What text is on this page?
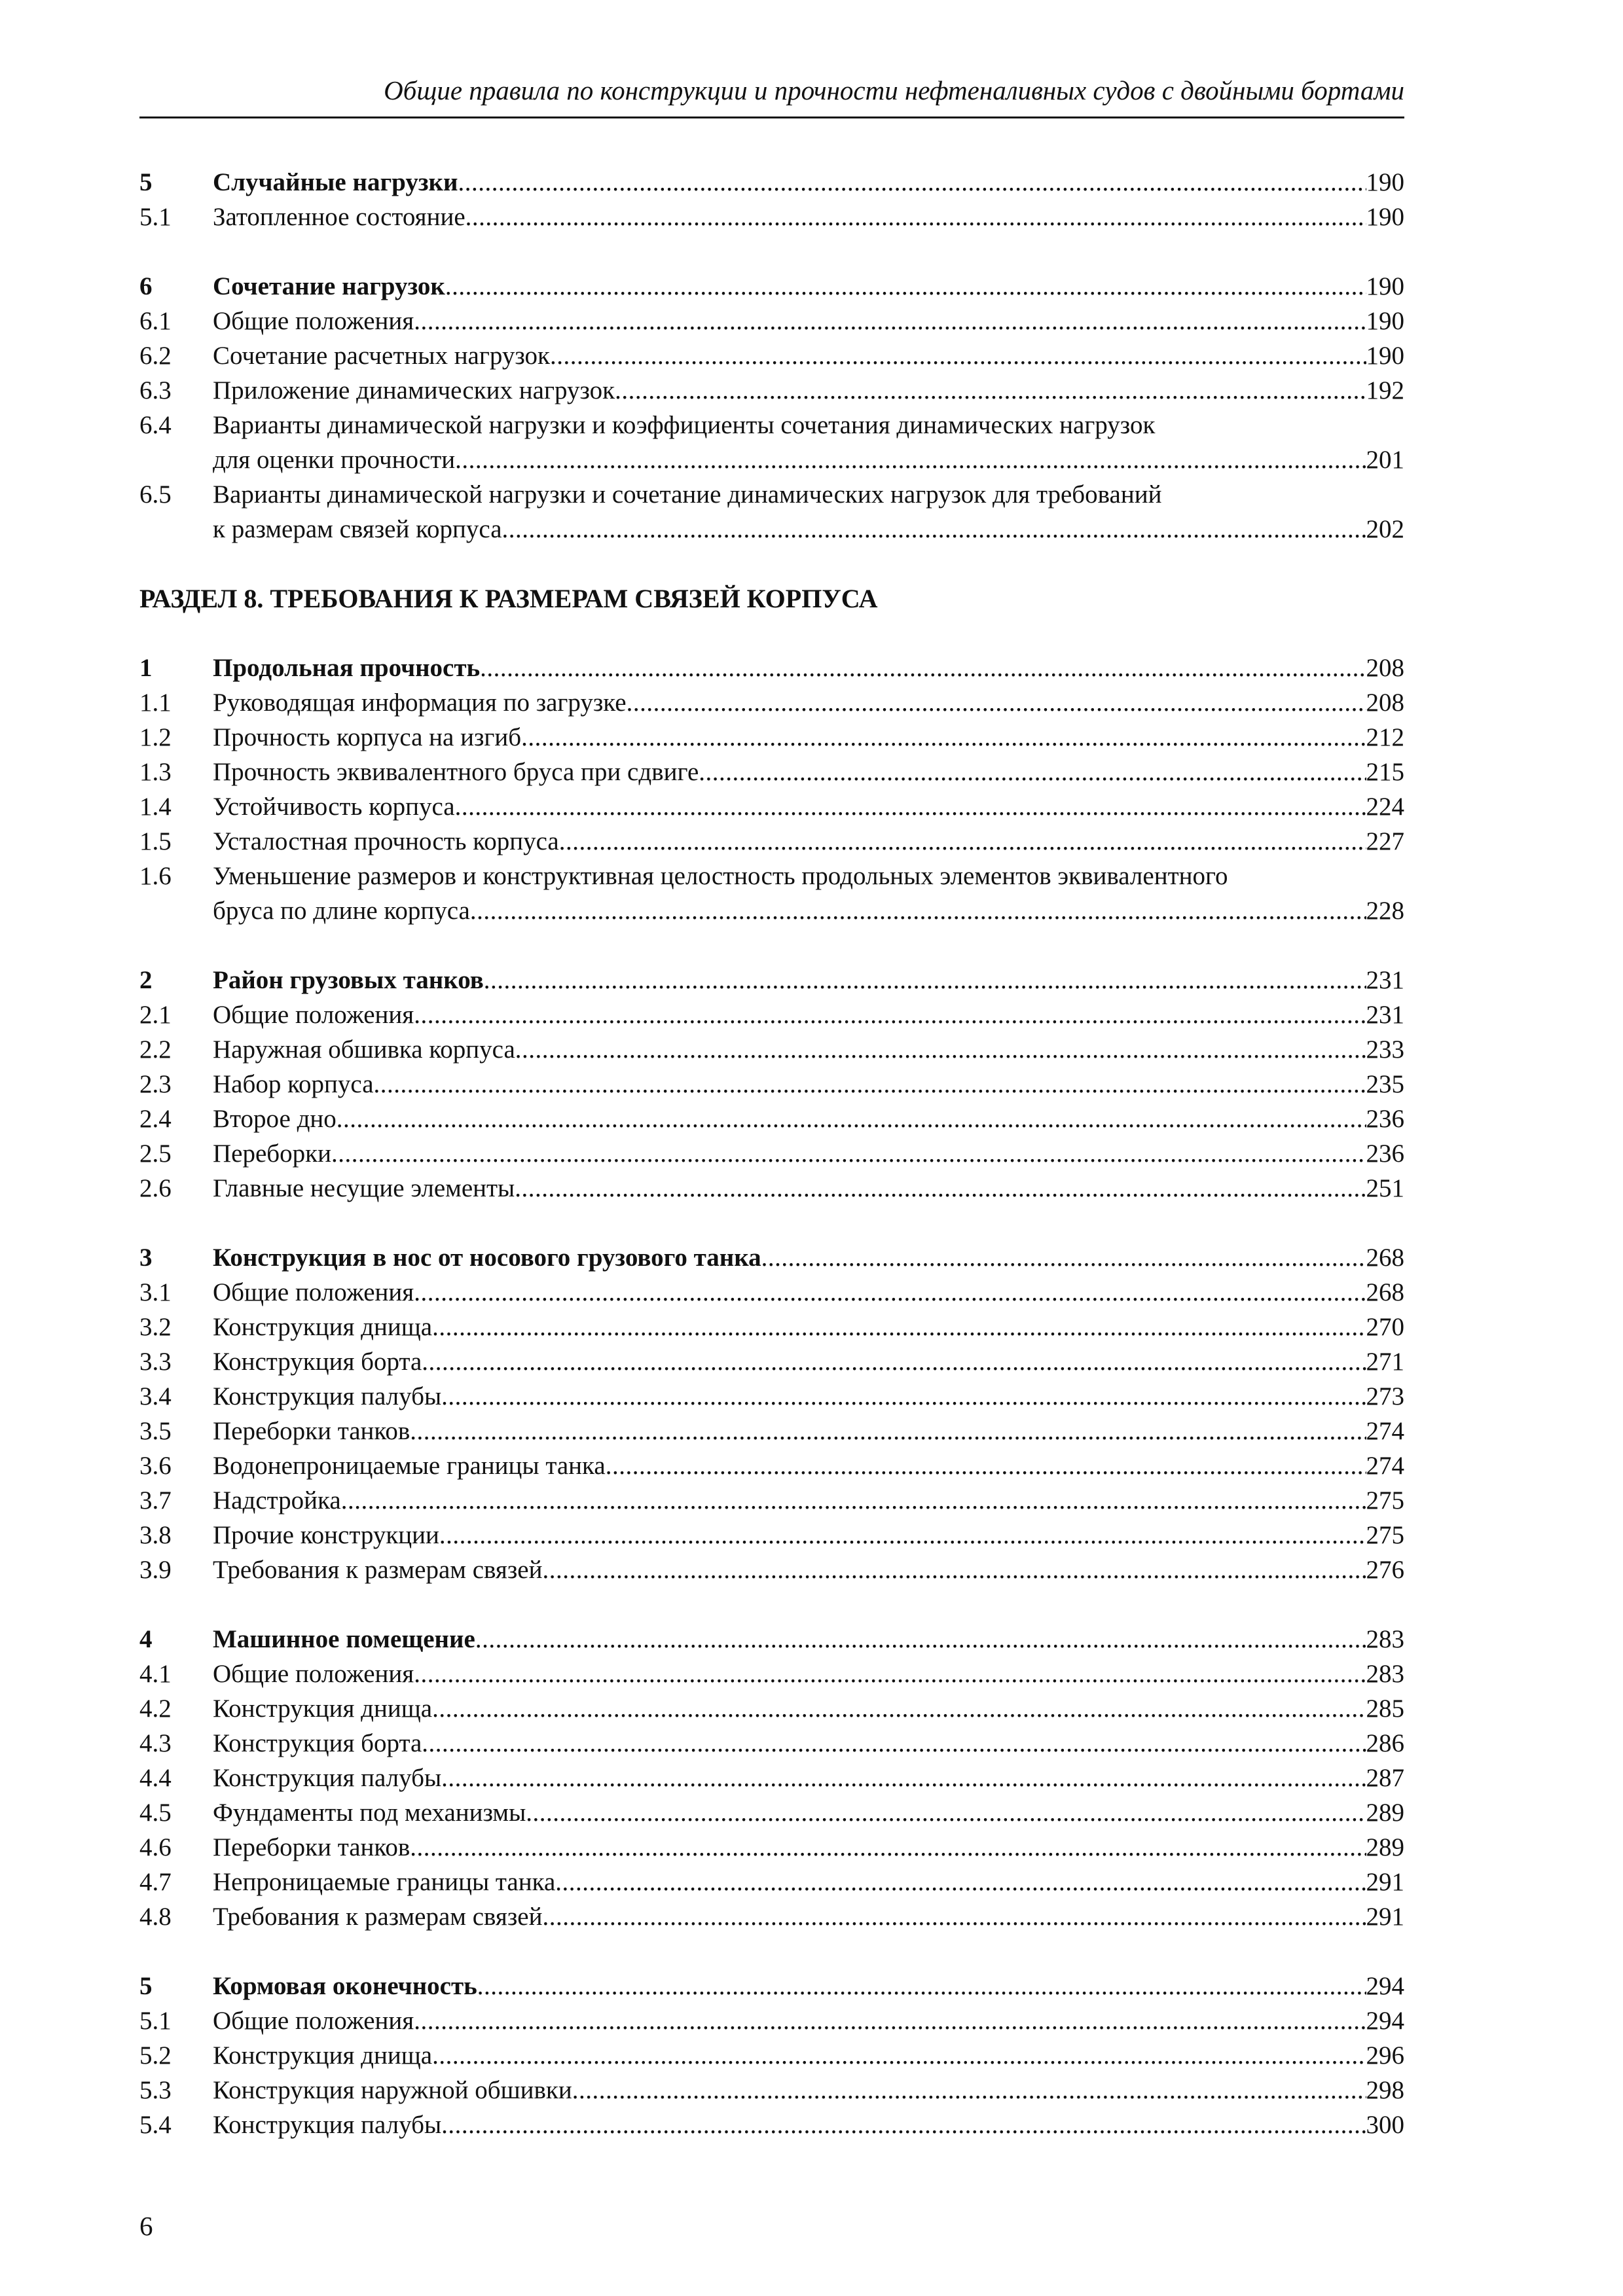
Общие правила по конструкции и прочности нефтеналивных судов с двойными бортами
5	Случайные нагрузки .....	190
5.1	Затопленное состояние .....	190
6	Сочетание нагрузок .....	190
6.1	Общие положения .....	190
6.2	Сочетание расчетных нагрузок .....	190
6.3	Приложение динамических нагрузок .....	192
6.4	Варианты динамической нагрузки и коэффициенты сочетания динамических нагрузок
для оценки прочности .....	201
6.5	Варианты динамической нагрузки и сочетание динамических нагрузок для требований
к размерам связей корпуса .....	202
РАЗДЕЛ 8. ТРЕБОВАНИЯ К РАЗМЕРАМ СВЯЗЕЙ КОРПУСА
1	Продольная прочность .....	208
1.1	Руководящая информация по загрузке .....	208
1.2	Прочность корпуса на изгиб .....	212
1.3	Прочность эквивалентного бруса при сдвиге .....	215
1.4	Устойчивость корпуса .....	224
1.5	Усталостная прочность корпуса .....	227
1.6	Уменьшение размеров и конструктивная целостность продольных элементов эквивалентного
бруса по длине корпуса .....	228
2	Район грузовых танков .....	231
2.1	Общие положения .....	231
2.2	Наружная обшивка корпуса .....	233
2.3	Набор корпуса .....	235
2.4	Второе дно .....	236
2.5	Переборки .....	236
2.6	Главные несущие элементы .....	251
3	Конструкция в нос от носового грузового танка .....	268
3.1	Общие положения .....	268
3.2	Конструкция днища .....	270
3.3	Конструкция борта .....	271
3.4	Конструкция палубы .....	273
3.5	Переборки танков .....	274
3.6	Водонепроницаемые границы танка .....	274
3.7	Надстройка .....	275
3.8	Прочие конструкции .....	275
3.9	Требования к размерам связей .....	276
4	Машинное помещение .....	283
4.1	Общие положения .....	283
4.2	Конструкция днища .....	285
4.3	Конструкция борта .....	286
4.4	Конструкция палубы .....	287
4.5	Фундаменты под механизмы .....	289
4.6	Переборки танков .....	289
4.7	Непроницаемые границы танка .....	291
4.8	Требования к размерам связей .....	291
5	Кормовая оконечность .....	294
5.1	Общие положения .....	294
5.2	Конструкция днища .....	296
5.3	Конструкция наружной обшивки .....	298
5.4	Конструкция палубы .....	300
6
